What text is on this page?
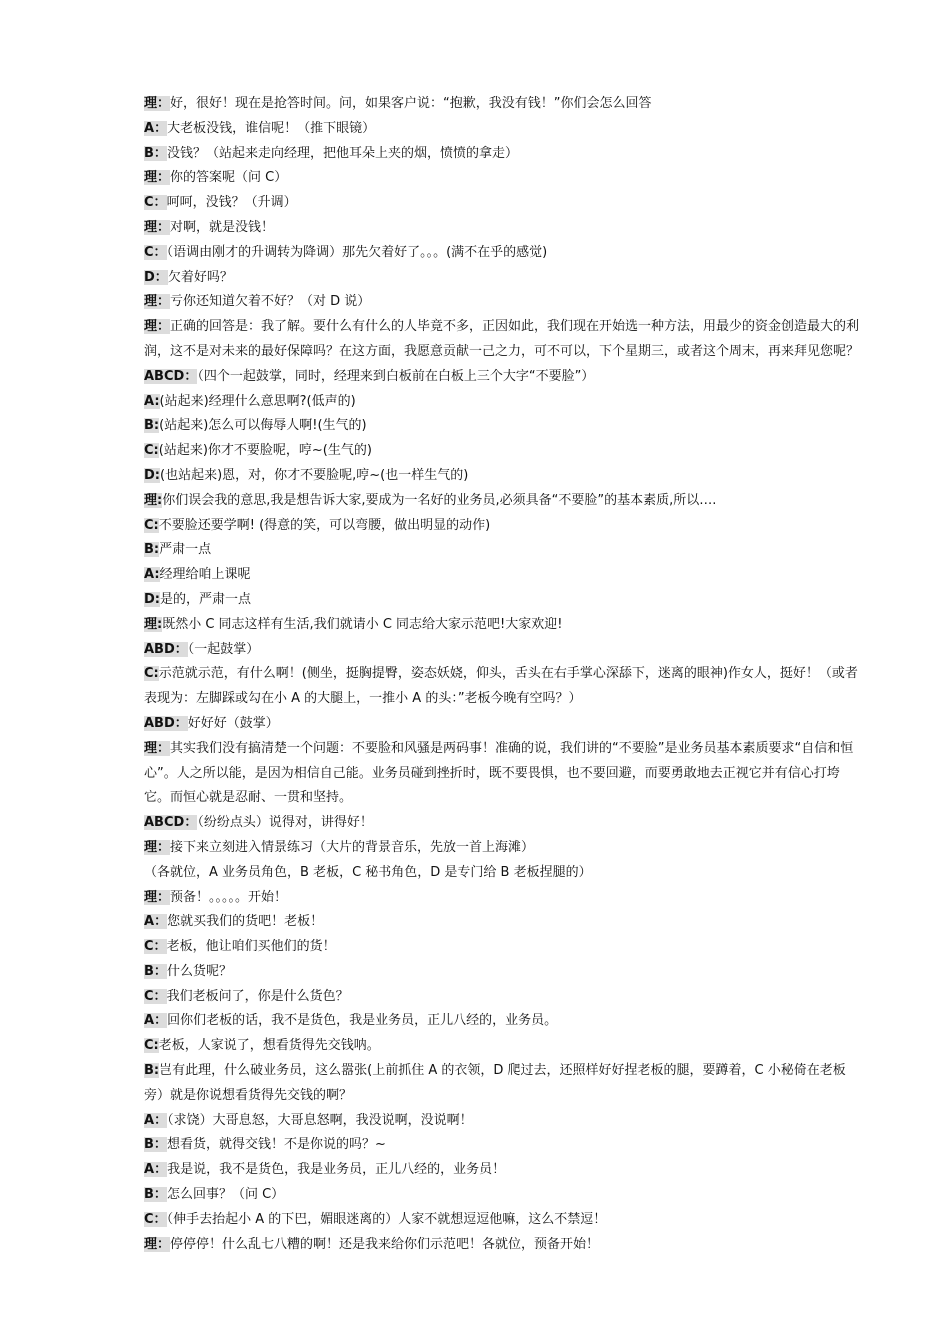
理：好，很好！现在是抢答时间。问，如果客户说：“抱歉，我没有钱！”你们会怎么回答
A：大老板没钱，谁信呢！（推下眼镜）
B：没钱？（站起来走向经理，把他耳朵上夹的烟，愤愤的拿走）
理：你的答案呢（问 C）
C：呵呵，没钱？（升调）
理：对啊，就是没钱！
C：（语调由刚才的升调转为降调）那先欠着好了。。。(满不在乎的感觉)
D：欠着好吗？
理：亏你还知道欠着不好？（对 D 说）
理：正确的回答是：我了解。要什么有什么的人毕竟不多，正因如此，我们现在开始选一种方法，用最少的资金创造最大的利润，这不是对未来的最好保障吗？在这方面，我愿意贡献一己之力，可不可以，下个星期三，或者这个周末，再来拜见您呢？
ABCD：（四个一起鼓掌，同时，经理来到白板前在白板上三个大字“不要脸”）
A:(站起来)经理什么意思啊?(低声的)
B:(站起来)怎么可以侮辱人啊!(生气的)
C:(站起来)你才不要脸呢，哼~(生气的)
D:(也站起来)恩，对，你才不要脸呢,哼~(也一样生气的)
理:你们误会我的意思,我是想告诉大家,要成为一名好的业务员,必须具备“不要脸”的基本素质,所以….
C:不要脸还要学啊! (得意的笑，可以弯腰，做出明显的动作)
B:严肃一点
A:经理给咱上课呢
D:是的，严肃一点
理:既然小 C 同志这样有生活,我们就请小 C 同志给大家示范吧!大家欢迎!
ABD：（一起鼓掌）
C:示范就示范，有什么啊！(侧坐，挺胸提臀，姿态妖娆，仰头，舌头在右手掌心深舔下，迷离的眼神)作女人，挺好！（或者表现为：左脚踩或勾在小 A 的大腿上，一推小 A 的头：”老板今晚有空吗？）
ABD：好好好（鼓掌）
理：其实我们没有搞清楚一个问题：不要脸和风骚是两码事！准确的说，我们讲的“不要脸”是业务员基本素质要求“自信和恒心”。人之所以能，是因为相信自己能。业务员碰到挫折时，既不要畏惧，也不要回避，而要勇敢地去正视它并有信心打垮它。而恒心就是忍耐、一贯和坚持。
ABCD：（纷纷点头）说得对，讲得好！
理：接下来立刻进入情景练习（大片的背景音乐，先放一首上海滩）
（各就位，A 业务员角色，B 老板，C 秘书角色，D 是专门给 B 老板捏腿的）
理：预备！。。。。。开始！
A：您就买我们的货吧！老板！
C：老板，他让咱们买他们的货！
B：什么货呢？
C：我们老板问了，你是什么货色？
A：回你们老板的话，我不是货色，我是业务员，正儿八经的，业务员。
C:老板，人家说了，想看货得先交钱呐。
B:岂有此理，什么破业务员，这么嚣张(上前抓住 A 的衣领，D 爬过去，还照样好好捏老板的腿，要蹲着，C 小秘倚在老板旁）就是你说想看货得先交钱的啊？
A：（求饶）大哥息怒，大哥息怒啊，我没说啊，没说啊！
B：想看货，就得交钱！不是你说的吗？~
A：我是说，我不是货色，我是业务员，正儿八经的，业务员！
B：怎么回事？（问 C）
C：（伸手去抬起小 A 的下巴，媚眼迷离的）人家不就想逗逗他嘛，这么不禁逗！
理：停停停！什么乱七八糟的啊！还是我来给你们示范吧！各就位，预备开始！
